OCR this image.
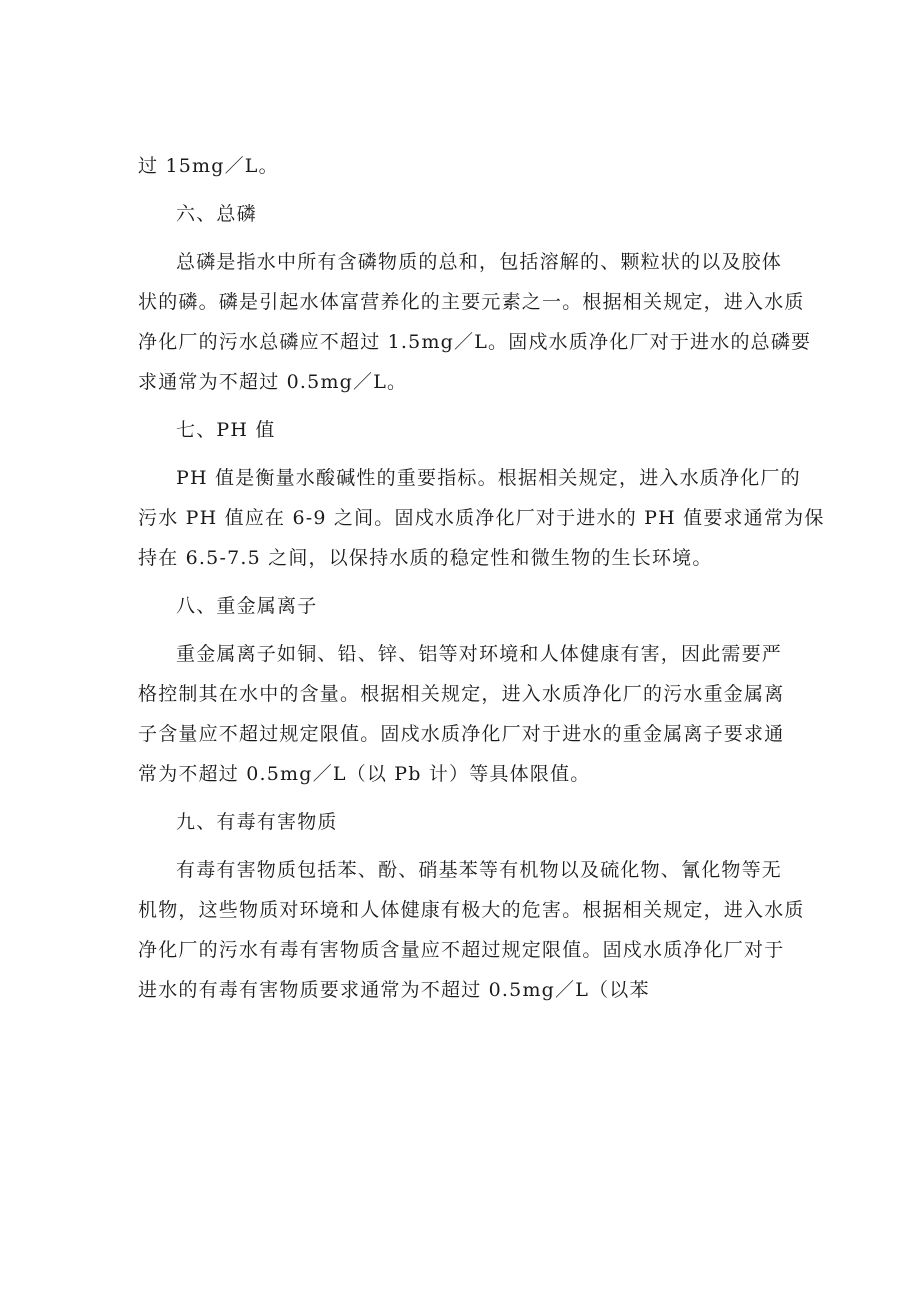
过 15mg／L。
六、总磷
总磷是指水中所有含磷物质的总和，包括溶解的、颗粒状的以及胶体
状的磷。磷是引起水体富营养化的主要元素之一。根据相关规定，进入水质
净化厂的污水总磷应不超过 1.5mg／L。固戍水质净化厂对于进水的总磷要
求通常为不超过 0.5mg／L。
七、PH 值
PH 值是衡量水酸碱性的重要指标。根据相关规定，进入水质净化厂的
污水 PH 值应在 6-9 之间。固戍水质净化厂对于进水的 PH 值要求通常为保
持在 6.5-7.5 之间，以保持水质的稳定性和微生物的生长环境。
八、重金属离子
重金属离子如铜、铅、锌、铝等对环境和人体健康有害，因此需要严
格控制其在水中的含量。根据相关规定，进入水质净化厂的污水重金属离
子含量应不超过规定限值。固戍水质净化厂对于进水的重金属离子要求通
常为不超过 0.5mg／L（以 Pb 计）等具体限值。
九、有毒有害物质
有毒有害物质包括苯、酚、硝基苯等有机物以及硫化物、氰化物等无
机物，这些物质对环境和人体健康有极大的危害。根据相关规定，进入水质
净化厂的污水有毒有害物质含量应不超过规定限值。固戍水质净化厂对于
进水的有毒有害物质要求通常为不超过 0.5mg／L（以苯
